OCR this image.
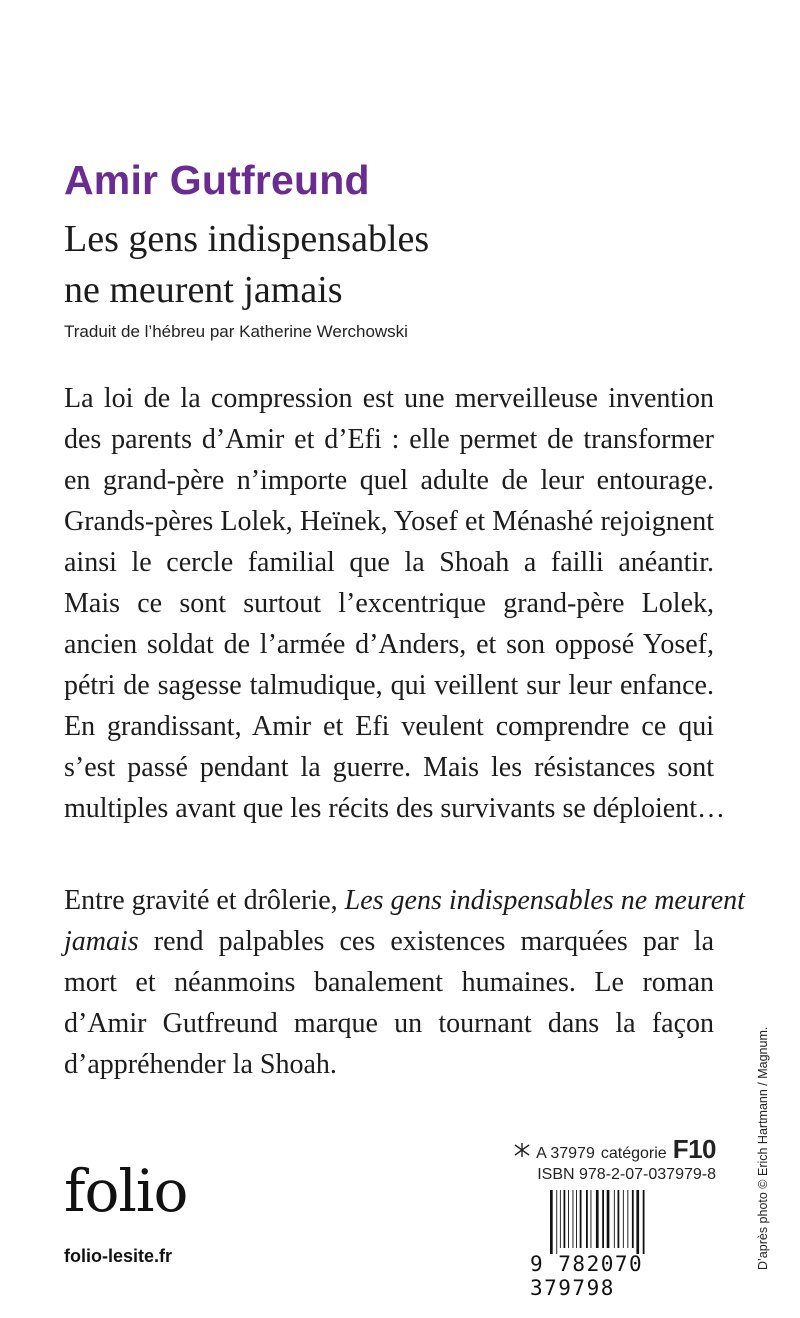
Amir Gutfreund
Les gens indispensables
ne meurent jamais

Traduit de l’hébreu par Katherine Werchowski

La loi de la compression est une merveilleuse invention
des parents d’Amir et d’Efi : elle permet de transformer
en grand-père n’importe quel adulte de leur entourage.
Grands-pères Lolek, Heïnek, Yosef et Ménashé rejoignent
ainsi le cercle familial que la Shoah a failli anéantir.
Mais ce sont surtout l’excentrique grand-père Lolek,
ancien soldat de l’armée d’Anders, et son opposé Yosef,
pétri de sagesse talmudique, qui veillent sur leur enfance.
En grandissant, Amir et Efi veulent comprendre ce qui
s’est passé pendant la guerre. Mais les résistances sont
multiples avant que les récits des survivants se déploient…
Entre gravité et drôlerie, Les gens indispensables ne meurent
jamais rend palpables ces existences marquées par la
mort et néanmoins banalement humaines. Le roman
d’Amir Gutfreund marque un tournant dans la façon
d’appréhender la Shoah.
A 37979 catégorie F10
ISBN 978-2-07-037979-8
9 782070 379798
folio
folio-lesite.fr	D’après photo © Erich Hartmann / Magnum.
